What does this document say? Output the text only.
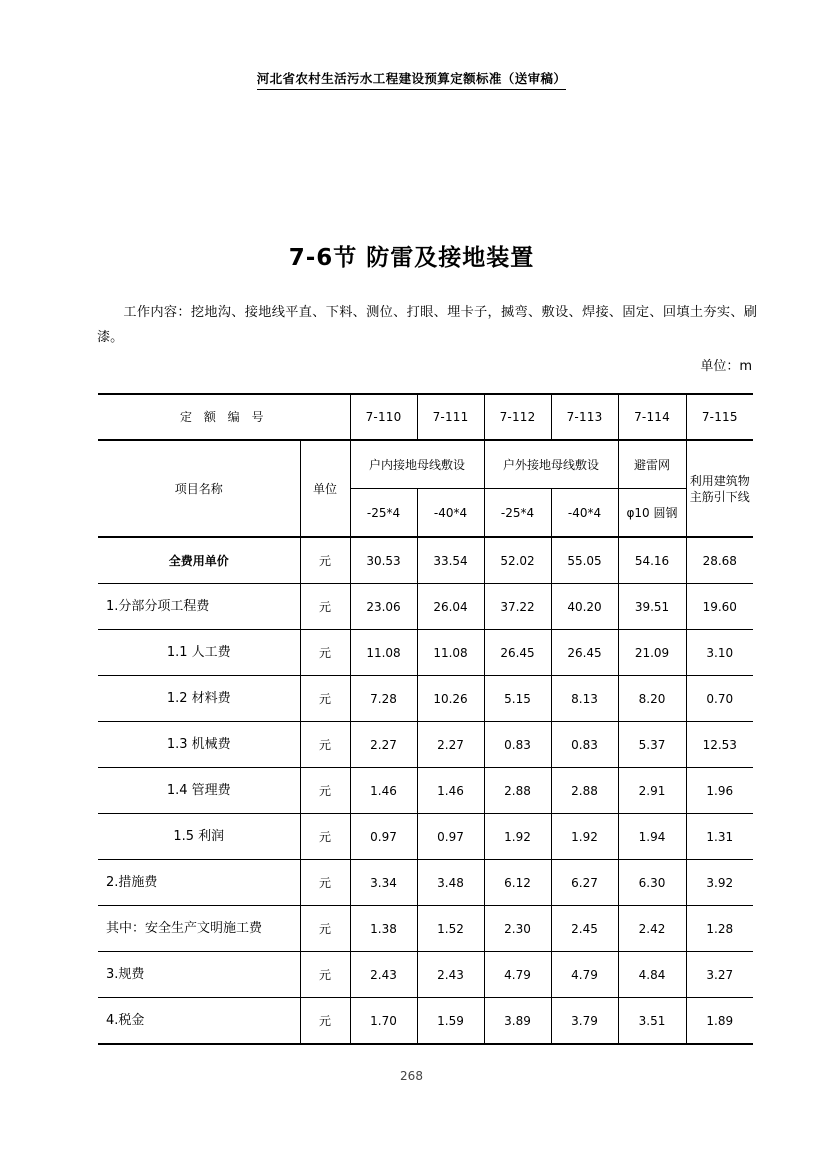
河北省农村生活污水工程建设预算定额标准（送审稿）
7-6节 防雷及接地装置
工作内容：挖地沟、接地线平直、下料、测位、打眼、埋卡子，搣弯、敷设、焊接、固定、回填土夯实、刷漆。
单位：m
定 额 编 号		7-110	7-111	7-112	7-113	7-114	7-115
项目名称	单位	户内接地母线敷设		户外接地母线敷设		避雷网	利用建筑物
主筋引下线

		-25*4	-40*4	-25*4	-40*4	φ10 圆钢	
全费用单价	元	30.53	33.54	52.02	55.05	54.16	28.68
1.分部分项工程费	元	23.06	26.04	37.22	40.20	39.51	19.60
1.1 人工费	元	11.08	11.08	26.45	26.45	21.09	3.10
1.2 材料费	元	7.28	10.26	5.15	8.13	8.20	0.70
1.3 机械费	元	2.27	2.27	0.83	0.83	5.37	12.53
1.4 管理费	元	1.46	1.46	2.88	2.88	2.91	1.96
1.5 利润	元	0.97	0.97	1.92	1.92	1.94	1.31
2.措施费	元	3.34	3.48	6.12	6.27	6.30	3.92
其中：安全生产文明施工费	元	1.38	1.52	2.30	2.45	2.42	1.28
3.规费	元	2.43	2.43	4.79	4.79	4.84	3.27
4.税金	元	1.70	1.59	3.89	3.79	3.51	1.89
268
